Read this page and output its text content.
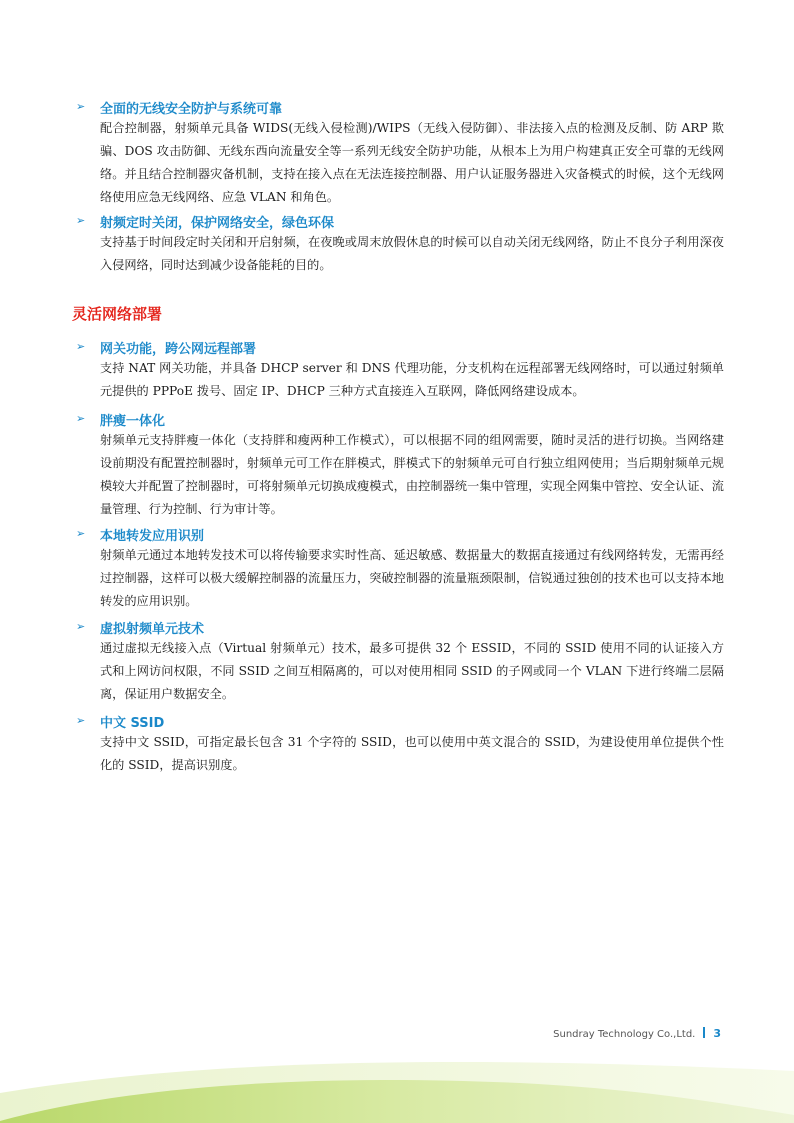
➢	全面的无线安全防护与系统可靠
配合控制器，射频单元具备 WIDS(无线入侵检测)/WIPS（无线入侵防御）、非法接入点的检测及反制、防 ARP 欺骗、DOS 攻击防御、无线东西向流量安全等一系列无线安全防护功能，从根本上为用户构建真正安全可靠的无线网络。并且结合控制器灾备机制，支持在接入点在无法连接控制器、用户认证服务器进入灾备模式的时候，这个无线网络使用应急无线网络、应急 VLAN 和角色。
➢	射频定时关闭，保护网络安全，绿色环保
支持基于时间段定时关闭和开启射频，在夜晚或周末放假休息的时候可以自动关闭无线网络，防止不良分子利用深夜入侵网络，同时达到减少设备能耗的目的。
灵活网络部署
➢	网关功能，跨公网远程部署
支持 NAT 网关功能，并具备 DHCP server 和 DNS 代理功能，分支机构在远程部署无线网络时，可以通过射频单元提供的 PPPoE 拨号、固定 IP、DHCP 三种方式直接连入互联网，降低网络建设成本。
➢	胖瘦一体化
射频单元支持胖瘦一体化（支持胖和瘦两种工作模式），可以根据不同的组网需要，随时灵活的进行切换。当网络建设前期没有配置控制器时，射频单元可工作在胖模式，胖模式下的射频单元可自行独立组网使用；当后期射频单元规模较大并配置了控制器时，可将射频单元切换成瘦模式，由控制器统一集中管理，实现全网集中管控、安全认证、流量管理、行为控制、行为审计等。
➢	本地转发应用识别
射频单元通过本地转发技术可以将传输要求实时性高、延迟敏感、数据量大的数据直接通过有线网络转发，无需再经过控制器，这样可以极大缓解控制器的流量压力，突破控制器的流量瓶颈限制，信锐通过独创的技术也可以支持本地转发的应用识别。
➢	虚拟射频单元技术
通过虚拟无线接入点（Virtual 射频单元）技术，最多可提供 32 个 ESSID，不同的 SSID 使用不同的认证接入方式和上网访问权限，不同 SSID 之间互相隔离的，可以对使用相同 SSID 的子网或同一个 VLAN 下进行终端二层隔离，保证用户数据安全。
➢	中文 SSID
支持中文 SSID，可指定最长包含 31 个字符的 SSID，也可以使用中英文混合的 SSID，为建设使用单位提供个性化的 SSID，提高识别度。
Sundray Technology Co.,Ltd. 3
